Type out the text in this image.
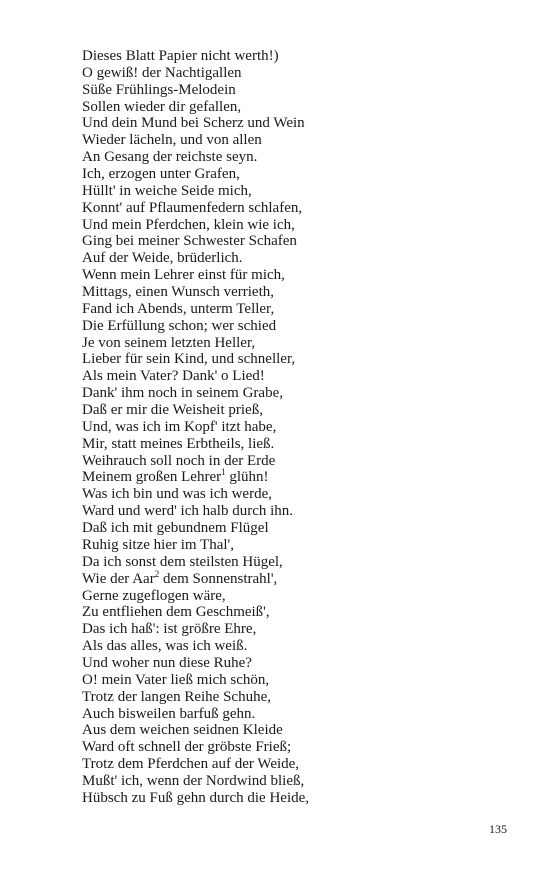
Dieses Blatt Papier nicht werth!)
O gewiß! der Nachtigallen
Süße Frühlings-Melodein
Sollen wieder dir gefallen,
Und dein Mund bei Scherz und Wein
Wieder lächeln, und von allen
An Gesang der reichste seyn.
Ich, erzogen unter Grafen,
Hüllt' in weiche Seide mich,
Konnt' auf Pflaumenfedern schlafen,
Und mein Pferdchen, klein wie ich,
Ging bei meiner Schwester Schafen
Auf der Weide, brüderlich.
Wenn mein Lehrer einst für mich,
Mittags, einen Wunsch verrieth,
Fand ich Abends, unterm Teller,
Die Erfüllung schon; wer schied
Je von seinem letzten Heller,
Lieber für sein Kind, und schneller,
Als mein Vater? Dank' o Lied!
Dank' ihm noch in seinem Grabe,
Daß er mir die Weisheit prieß,
Und, was ich im Kopf' itzt habe,
Mir, statt meines Erbtheils, ließ.
Weihrauch soll noch in der Erde
Meinem großen Lehrer$^1$ glühn!
Was ich bin und was ich werde,
Ward und werd' ich halb durch ihn.
Daß ich mit gebundnem Flügel
Ruhig sitze hier im Thal',
Da ich sonst dem steilsten Hügel,
Wie der Aar$^2$ dem Sonnenstrahl',
Gerne zugeflogen wäre,
Zu entfliehen dem Geschmeiß',
Das ich haß': ist größre Ehre,
Als das alles, was ich weiß.
Und woher nun diese Ruhe?
O! mein Vater ließ mich schön,
Trotz der langen Reihe Schuhe,
Auch bisweilen barfuß gehn.
Aus dem weichen seidnen Kleide
Ward oft schnell der gröbste Frieß;
Trotz dem Pferdchen auf der Weide,
Mußt' ich, wenn der Nordwind bließ,
Hübsch zu Fuß gehn durch die Heide,
135
